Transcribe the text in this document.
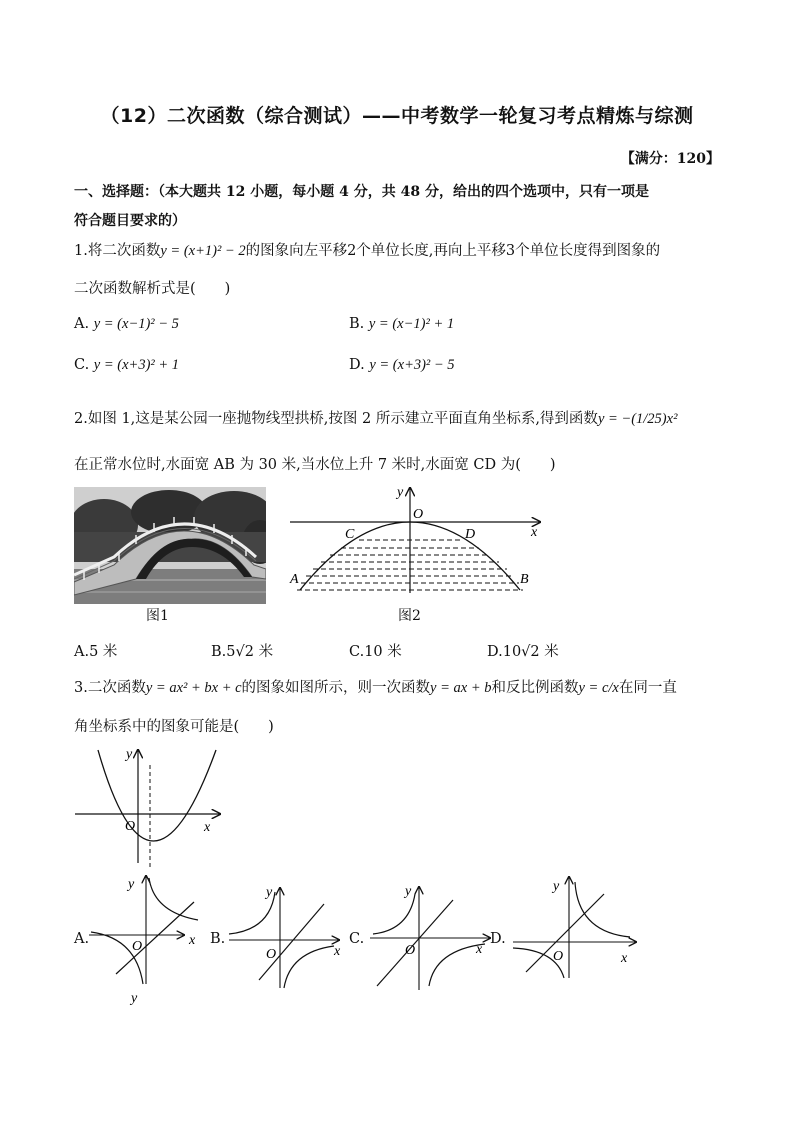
（12）二次函数（综合测试）——中考数学一轮复习考点精炼与综测
【满分：120】
一、选择题：（本大题共 12 小题，每小题 4 分，共 48 分，给出的四个选项中，只有一项是
符合题目要求的）
1.将二次函数y = (x+1)² − 2的图象向左平移2个单位长度,再向上平移3个单位长度得到图象的
二次函数解析式是(　　)
A. y = (x−1)² − 5	B. y = (x−1)² + 1
C. y = (x+3)² + 1	D. y = (x+3)² − 5
2.如图 1,这是某公园一座抛物线型拱桥,按图 2 所示建立平面直角坐标系,得到函数y = −(1/25)x²
在正常水位时,水面宽 AB 为 30 米,当水位上升 7 米时,水面宽 CD 为(　　)
图1
y
O
x
C	D
A	B
图2
A.5 米	B.5√2 米	C.10 米	D.10√2 米
3.二次函数y = ax² + bx + c的图象如图所示，则一次函数y = ax + b和反比例函数y = c/x在同一直
角坐标系中的图象可能是(　　)
y
O	x
A.
y
O	x
y
B.
y
O	x
C.
y
O	x
D.
y
O	x
